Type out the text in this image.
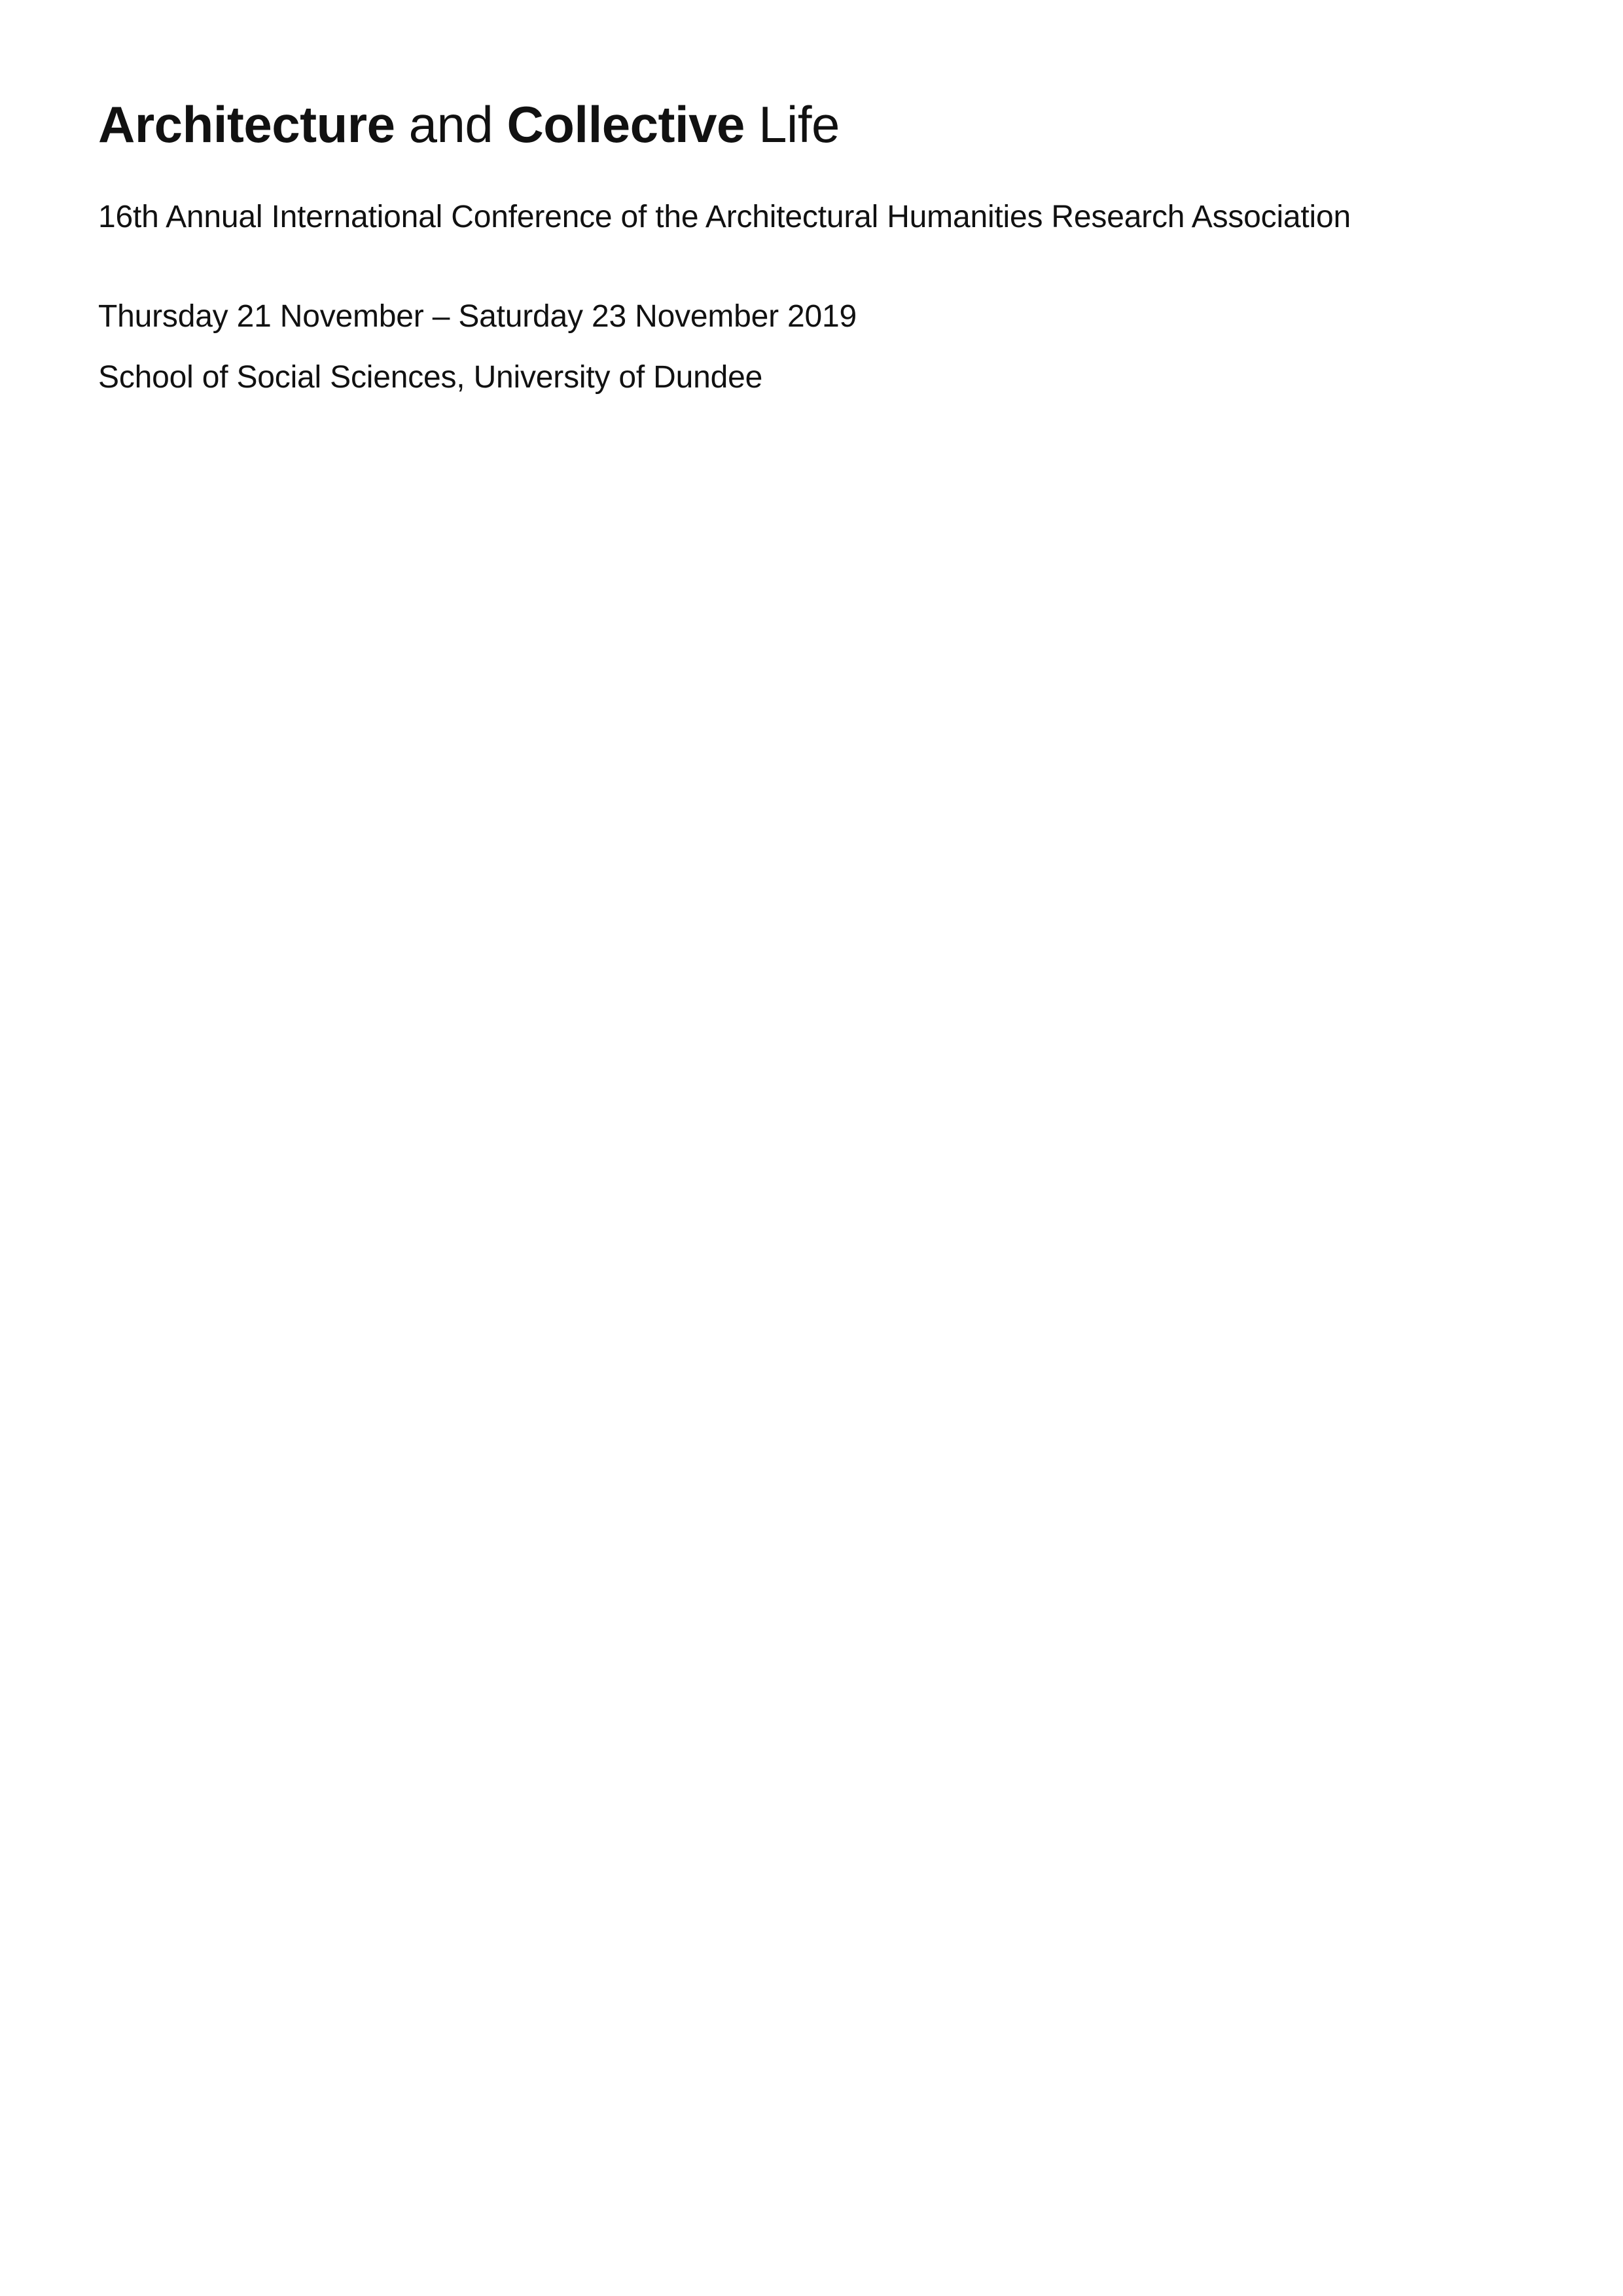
Architecture and Collective Life

16th Annual International Conference of the Architectural Humanities Research Association

Thursday 21 November – Saturday 23 November 2019

School of Social Sciences, University of Dundee
